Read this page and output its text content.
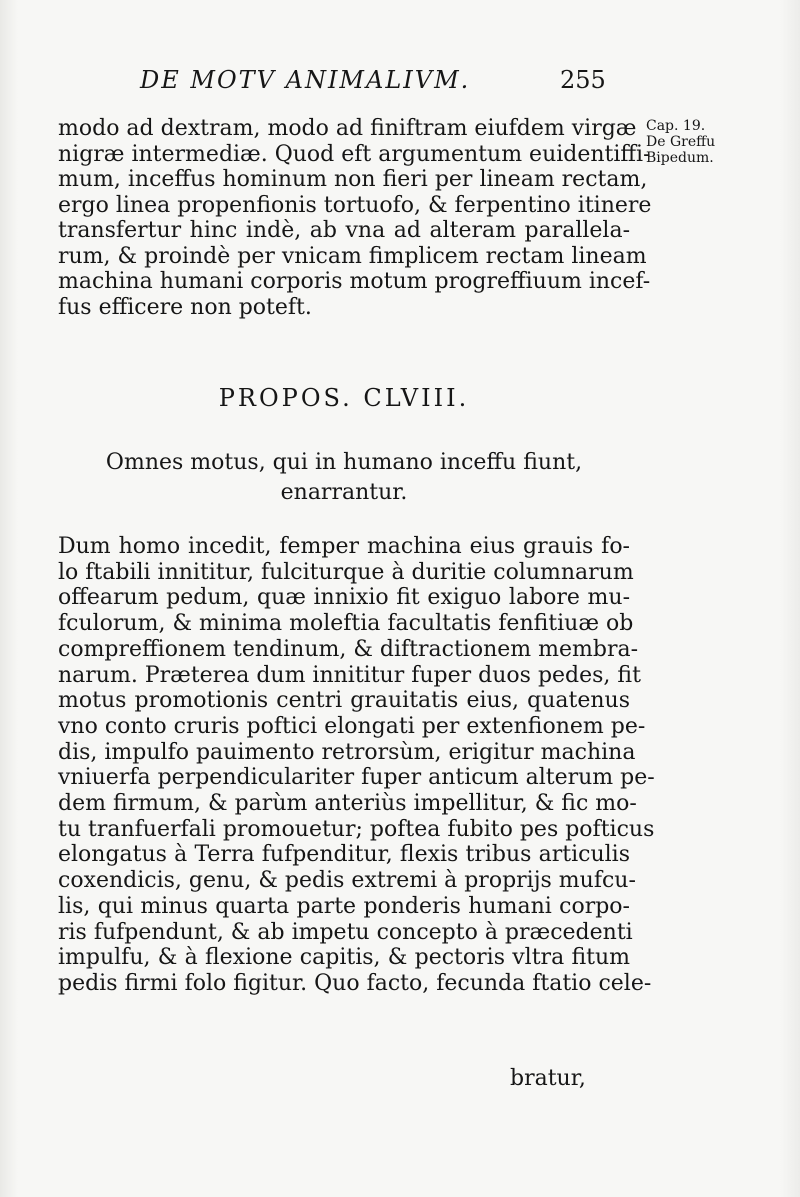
DE MOTV ANIMALIVM.	255
Cap. 19.
De Greffu
Bipedum.
modo ad dextram, modo ad finiftram eiufdem virgæ
nigræ intermediæ. Quod eft argumentum euidentiffi-
mum, inceffus hominum non fieri per lineam rectam,
ergo linea propenfionis tortuofo, & ferpentino itinere
transfertur hinc indè, ab vna ad alteram parallela-
rum, & proindè per vnicam fimplicem rectam lineam
machina humani corporis motum progreffiuum incef-
fus efficere non poteft.
PROPOS. CLVIII.
Omnes motus, qui in humano inceffu fiunt,
enarrantur.
Dum homo incedit, femper machina eius grauis fo-
lo ftabili innititur, fulciturque à duritie columnarum
offearum pedum, quæ innixio fit exiguo labore mu-
fculorum, & minima moleftia facultatis fenfitiuæ ob
compreffionem tendinum, & diftractionem membra-
narum. Præterea dum innititur fuper duos pedes, fit
motus promotionis centri grauitatis eius, quatenus
vno conto cruris poftici elongati per extenfionem pe-
dis, impulfo pauimento retrorsùm, erigitur machina
vniuerfa perpendiculariter fuper anticum alterum pe-
dem firmum, & parùm anteriùs impellitur, & fic mo-
tu tranfuerfali promouetur; poftea fubito pes pofticus
elongatus à Terra fufpenditur, flexis tribus articulis
coxendicis, genu, & pedis extremi à proprijs mufcu-
lis, qui minus quarta parte ponderis humani corpo-
ris fufpendunt, & ab impetu concepto à præcedenti
impulfu, & à flexione capitis, & pectoris vltra fitum
pedis firmi folo figitur. Quo facto, fecunda ftatio cele-
bratur,
